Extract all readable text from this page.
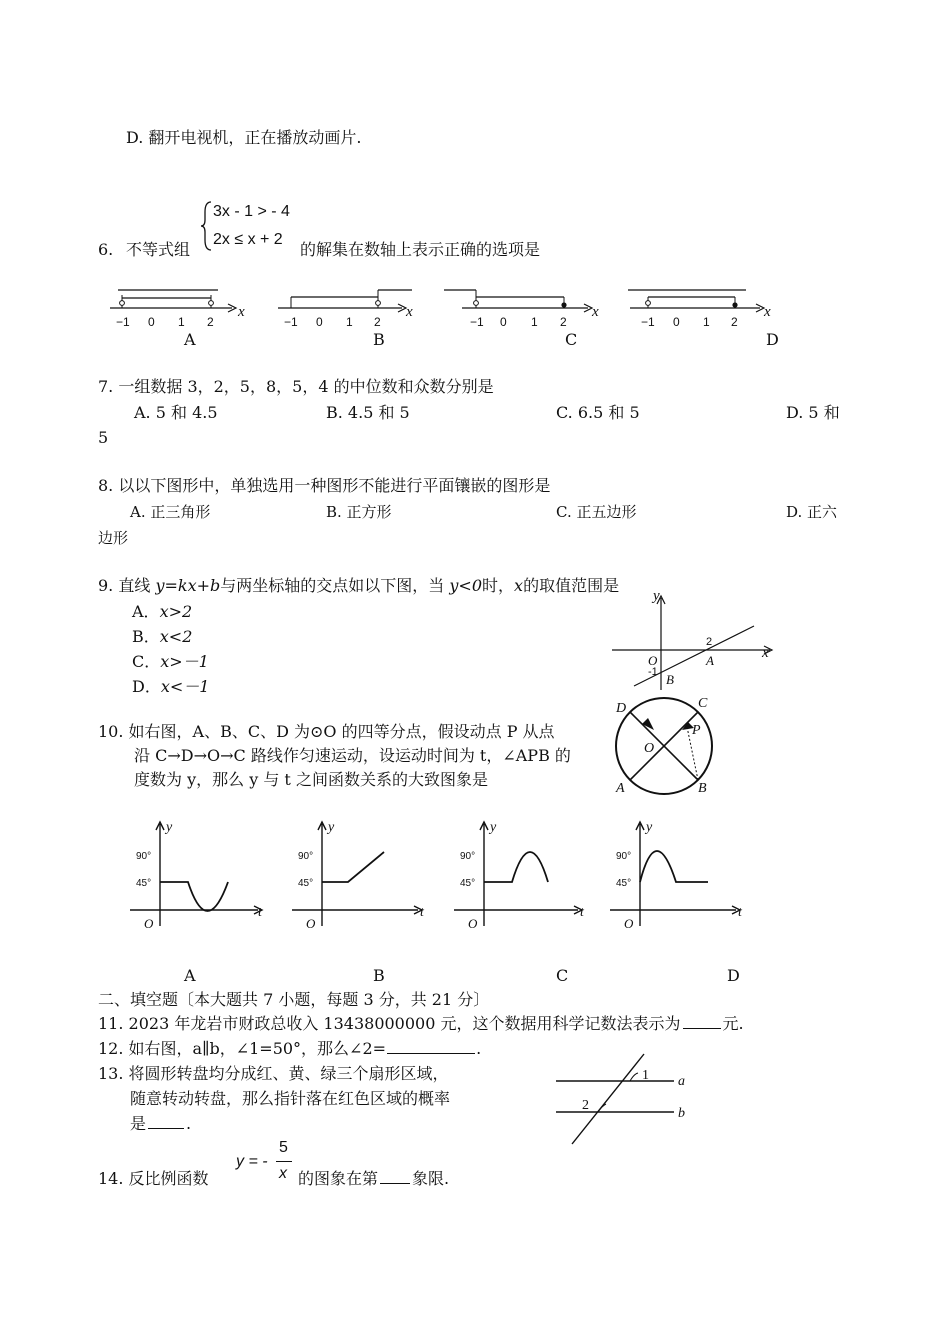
D. 翻开电视机，正在播放动画片.
3x - 1 > - 4
2x ≤ x + 2
6. 不等式组	的解集在数轴上表示正确的选项是
−1 0 1 2
x
−1 0 1 2
x
−1 0 1 2
x
−1 0 1 2
x
A	B	C	D
7. 一组数据 3，2，5，8，5，4 的中位数和众数分别是
A. 5 和 4.5	B. 4.5 和 5	C. 6.5 和 5	D. 5 和
5
8. 以以下图形中，单独选用一种图形不能进行平面镶嵌的图形是
A. 正三角形	B. 正方形	C. 正五边形	D. 正六
边形
9. 直线 y=kx+b与两坐标轴的交点如以下图，当 y<0时，x的取值范围是
A．x>2
B．x<2
C．x>－1
D．x<－1
x
y
O
2
-1
A
B
10. 如右图，A、B、C、D 为⊙O 的四等分点，假设动点 P 从点
沿 C→D→O→C 路线作匀速运动，设运动时间为 t，∠APB 的
度数为 y，那么 y 与 t 之间函数关系的大致图象是
D	C
P
O
A	B
y
t
O
90°
45°
y
t
O
90°
45°
y
t
O
90°
45°
y
t
O
90°
45°
A	B	C	D
二、填空题〔本大题共 7 小题，每题 3 分，共 21 分〕
11. 2023 年龙岩市财政总收入 13438000000 元，这个数据用科学记数法表示为	元.
12. 如右图，a∥b，∠1=50°，那么∠2=	.
13. 将圆形转盘均分成红、黄、绿三个扇形区域，
随意转动转盘，那么指针落在红色区域的概率
是	.
1
2
a
b
14. 反比例函数
y = -
5
x 的图象在第 象限.
